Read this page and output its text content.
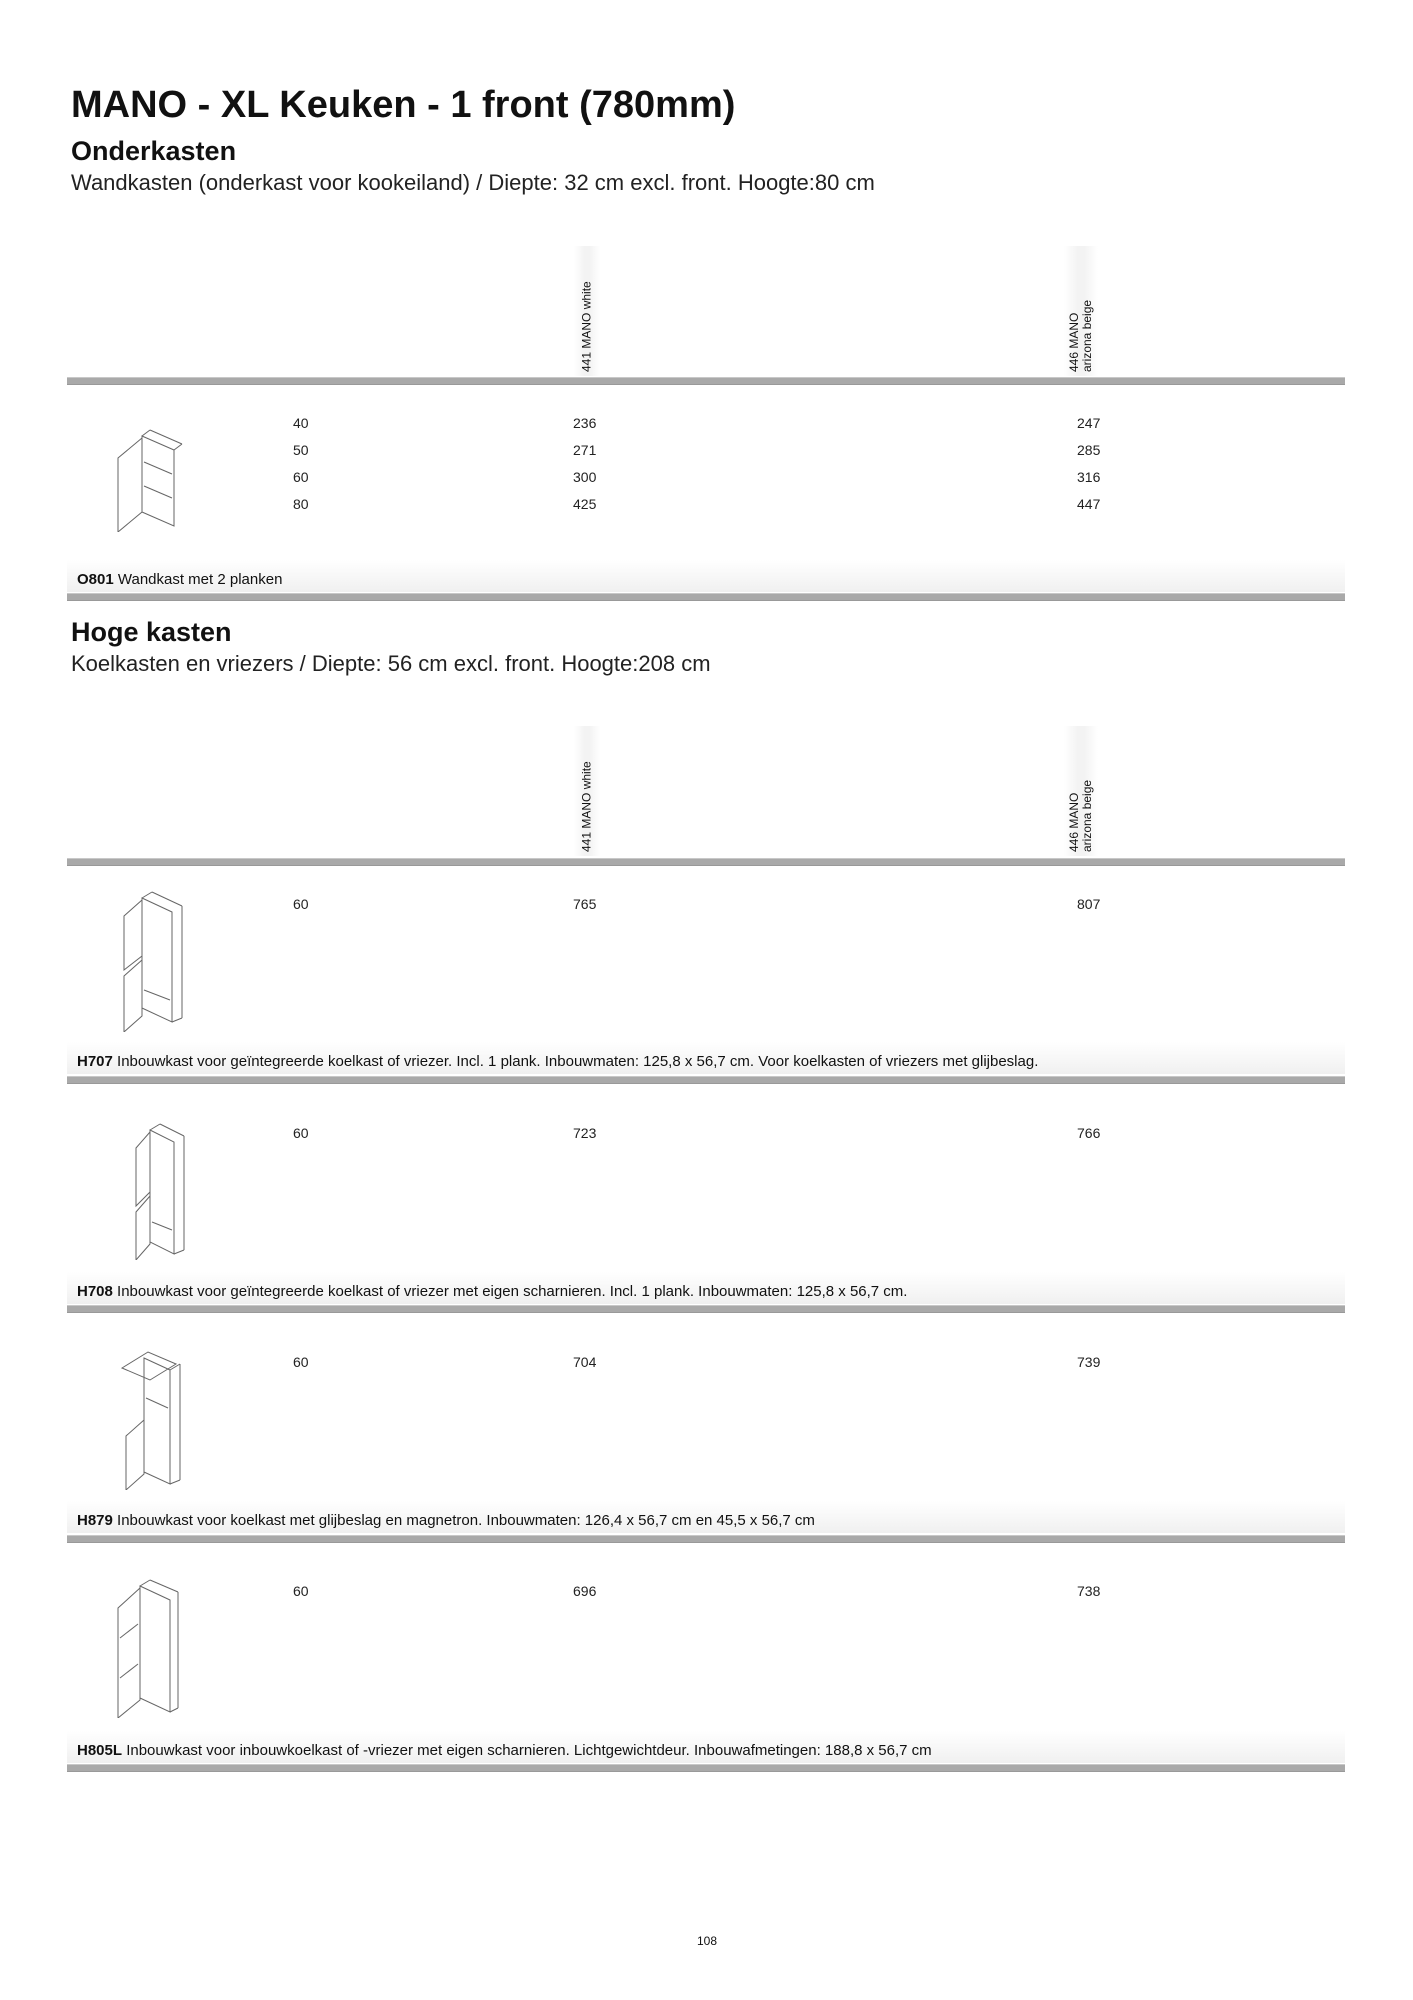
MANO - XL Keuken - 1 front (780mm)
Onderkasten
Wandkasten (onderkast voor kookeiland) / Diepte: 32 cm excl. front. Hoogte:80 cm
441 MANO white	446 MANO arizona beige
40	236	247
50	271	285
60	300	316
80	425	447
O801 Wandkast met 2 planken
Hoge kasten
Koelkasten en vriezers / Diepte: 56 cm excl. front. Hoogte:208 cm
441 MANO white	446 MANO arizona beige
60	765	807
H707 Inbouwkast voor geïntegreerde koelkast of vriezer. Incl. 1 plank. Inbouwmaten: 125,8 x 56,7 cm. Voor koelkasten of vriezers met glijbeslag.
60	723	766
H708 Inbouwkast voor geïntegreerde koelkast of vriezer met eigen scharnieren. Incl. 1 plank. Inbouwmaten: 125,8 x 56,7 cm.
60	704	739
H879 Inbouwkast voor koelkast met glijbeslag en magnetron. Inbouwmaten: 126,4 x 56,7 cm en 45,5 x 56,7 cm
60	696	738
H805L Inbouwkast voor inbouwkoelkast of -vriezer met eigen scharnieren. Lichtgewichtdeur. Inbouwafmetingen: 188,8 x 56,7 cm
108
